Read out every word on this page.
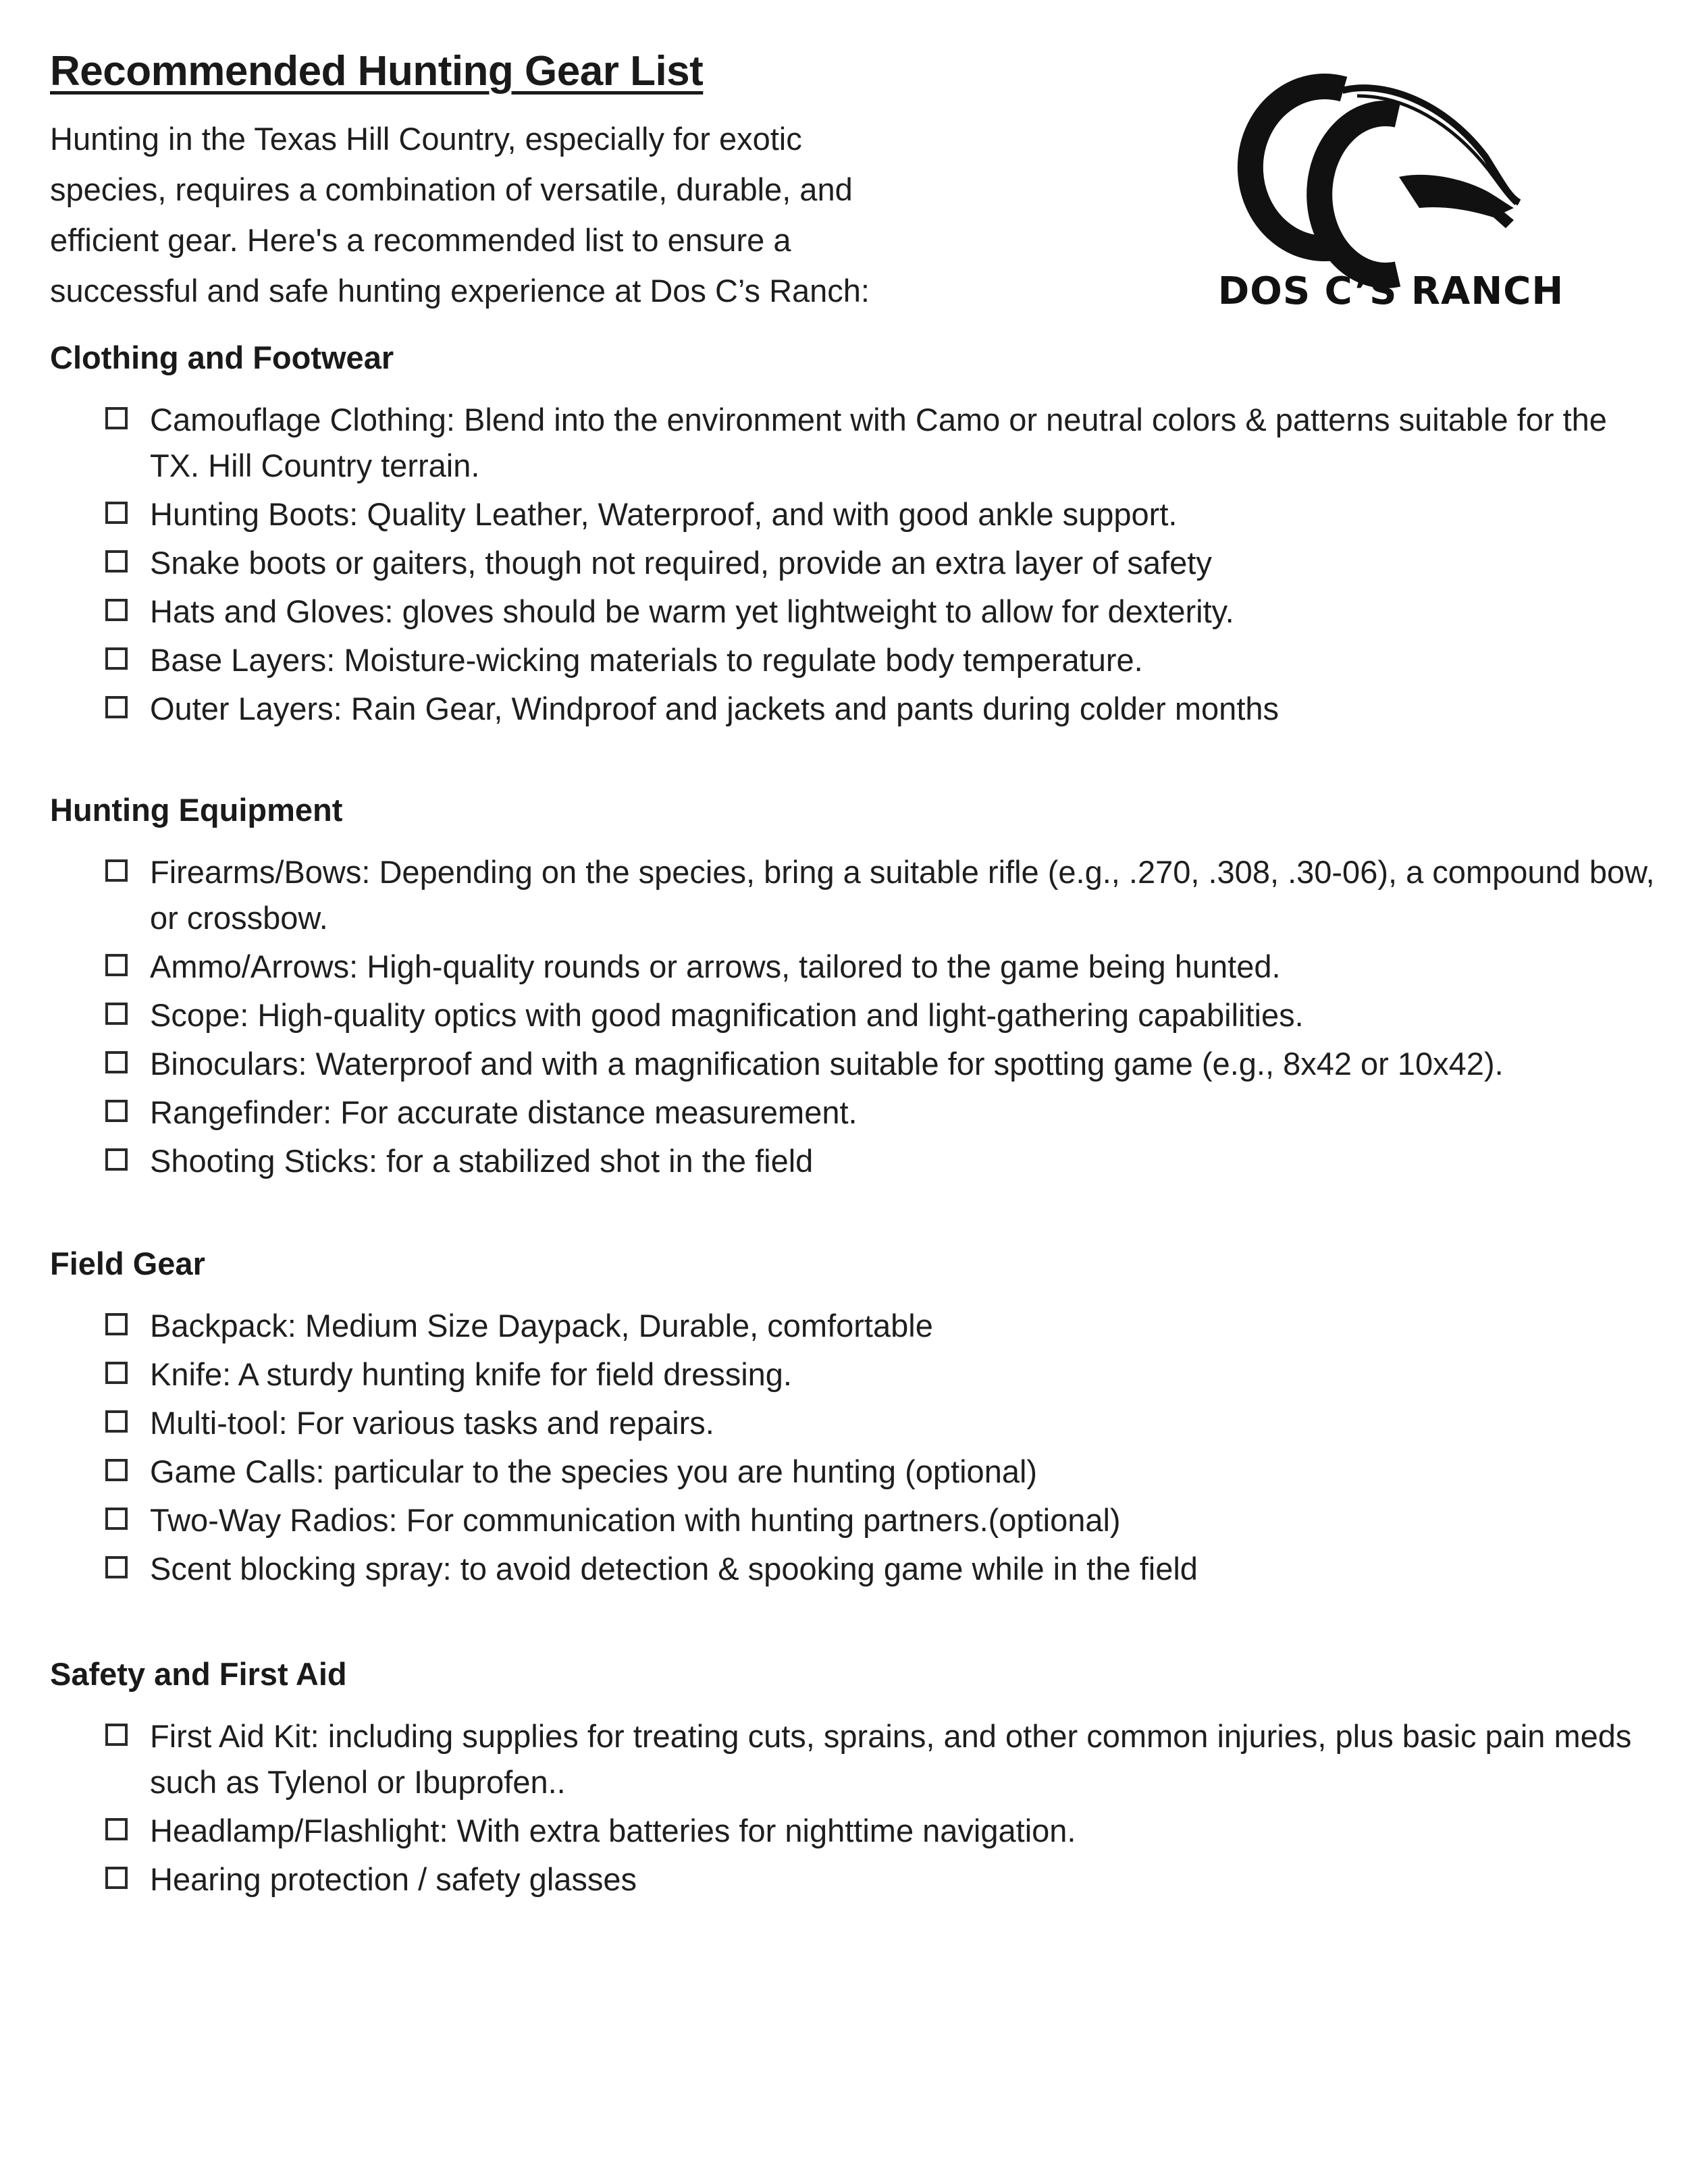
Recommended Hunting Gear List

Hunting in the Texas Hill Country, especially for exotic species, requires a combination of versatile, durable, and efficient gear. Here's a recommended list to ensure a successful and safe hunting experience at Dos C’s Ranch:	DOS C’S RANCH
Clothing and Footwear
Camouflage Clothing: Blend into the environment with Camo or neutral colors & patterns suitable for the TX. Hill Country terrain.
Hunting Boots: Quality Leather, Waterproof, and with good ankle support.
Snake boots or gaiters, though not required, provide an extra layer of safety
Hats and Gloves: gloves should be warm yet lightweight to allow for dexterity.
Base Layers: Moisture-wicking materials to regulate body temperature.
Outer Layers: Rain Gear, Windproof and jackets and pants during colder months
Hunting Equipment
Firearms/Bows: Depending on the species, bring a suitable rifle (e.g., .270, .308, .30-06), a compound bow, or crossbow.
Ammo/Arrows: High-quality rounds or arrows, tailored to the game being hunted.
Scope: High-quality optics with good magnification and light-gathering capabilities.
Binoculars: Waterproof and with a magnification suitable for spotting game (e.g., 8x42 or 10x42).
Rangefinder: For accurate distance measurement.
Shooting Sticks: for a stabilized shot in the field
Field Gear
Backpack: Medium Size Daypack, Durable, comfortable
Knife: A sturdy hunting knife for field dressing.
Multi-tool: For various tasks and repairs.
Game Calls: particular to the species you are hunting (optional)
Two-Way Radios: For communication with hunting partners.(optional)
Scent blocking spray: to avoid detection & spooking game while in the field
Safety and First Aid
First Aid Kit: including supplies for treating cuts, sprains, and other common injuries, plus basic pain meds such as Tylenol or Ibuprofen..
Headlamp/Flashlight: With extra batteries for nighttime navigation.
Hearing protection / safety glasses
